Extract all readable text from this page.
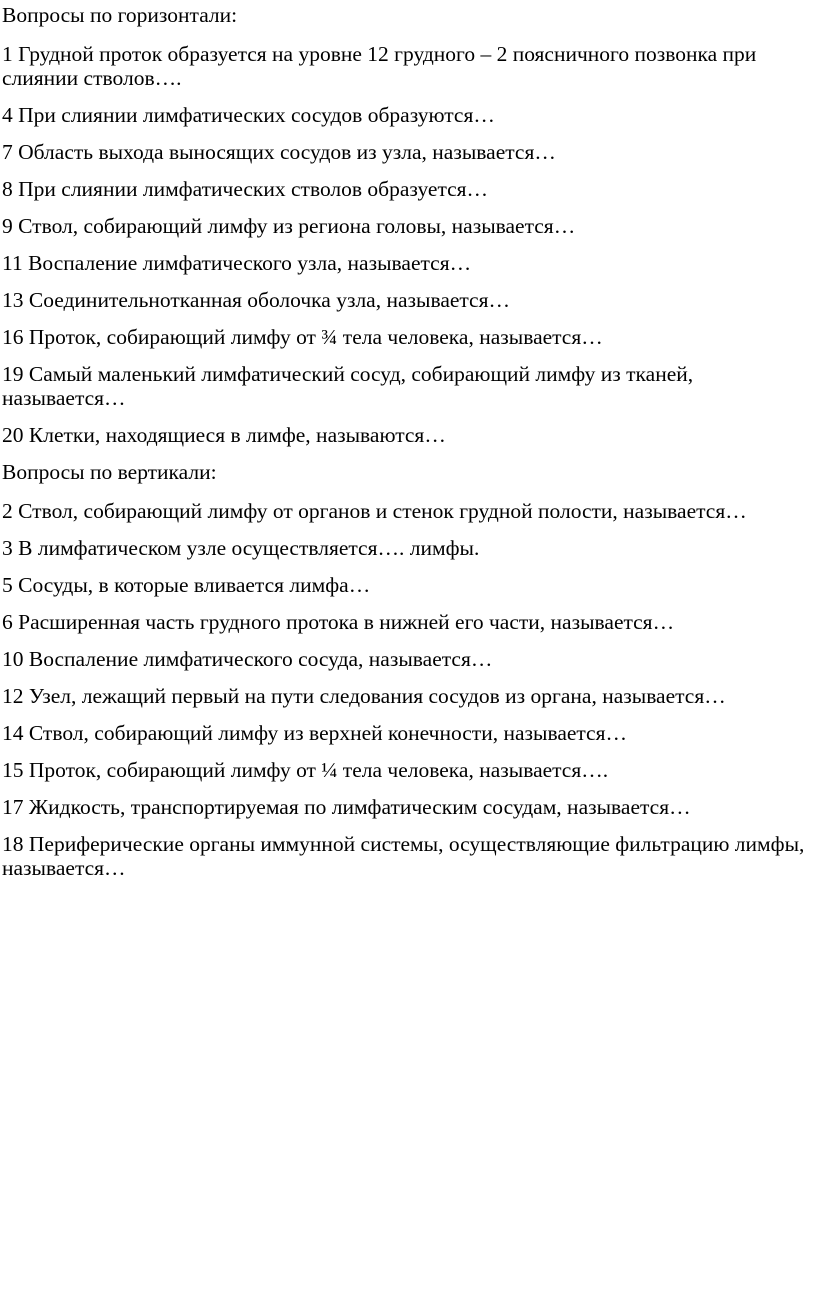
Вопросы по горизонтали:
1 Грудной проток образуется на уровне 12 грудного – 2 поясничного позвонка при слиянии стволов….
4 При слиянии лимфатических сосудов образуются…
7 Область выхода выносящих сосудов из узла, называется…
8 При слиянии лимфатических стволов образуется…
9 Ствол, собирающий лимфу из региона головы, называется…
11 Воспаление лимфатического узла, называется…
13 Соединительнотканная оболочка узла, называется…
16 Проток, собирающий лимфу от ¾ тела человека, называется…
19 Самый маленький лимфатический сосуд, собирающий лимфу из тканей, называется…
20 Клетки, находящиеся в лимфе, называются…
Вопросы по вертикали:
2 Ствол, собирающий лимфу от органов и стенок грудной полости, называется…
3 В лимфатическом узле осуществляется…. лимфы.
5 Сосуды, в которые вливается лимфа…
6 Расширенная часть грудного протока в нижней его части, называется…
10 Воспаление лимфатического сосуда, называется…
12 Узел, лежащий первый на пути следования сосудов из органа, называется…
14 Ствол, собирающий лимфу из верхней конечности, называется…
15 Проток, собирающий лимфу от ¼ тела человека, называется….
17 Жидкость, транспортируемая по лимфатическим сосудам, называется…
18 Периферические органы иммунной системы, осуществляющие фильтрацию лимфы, называется…
